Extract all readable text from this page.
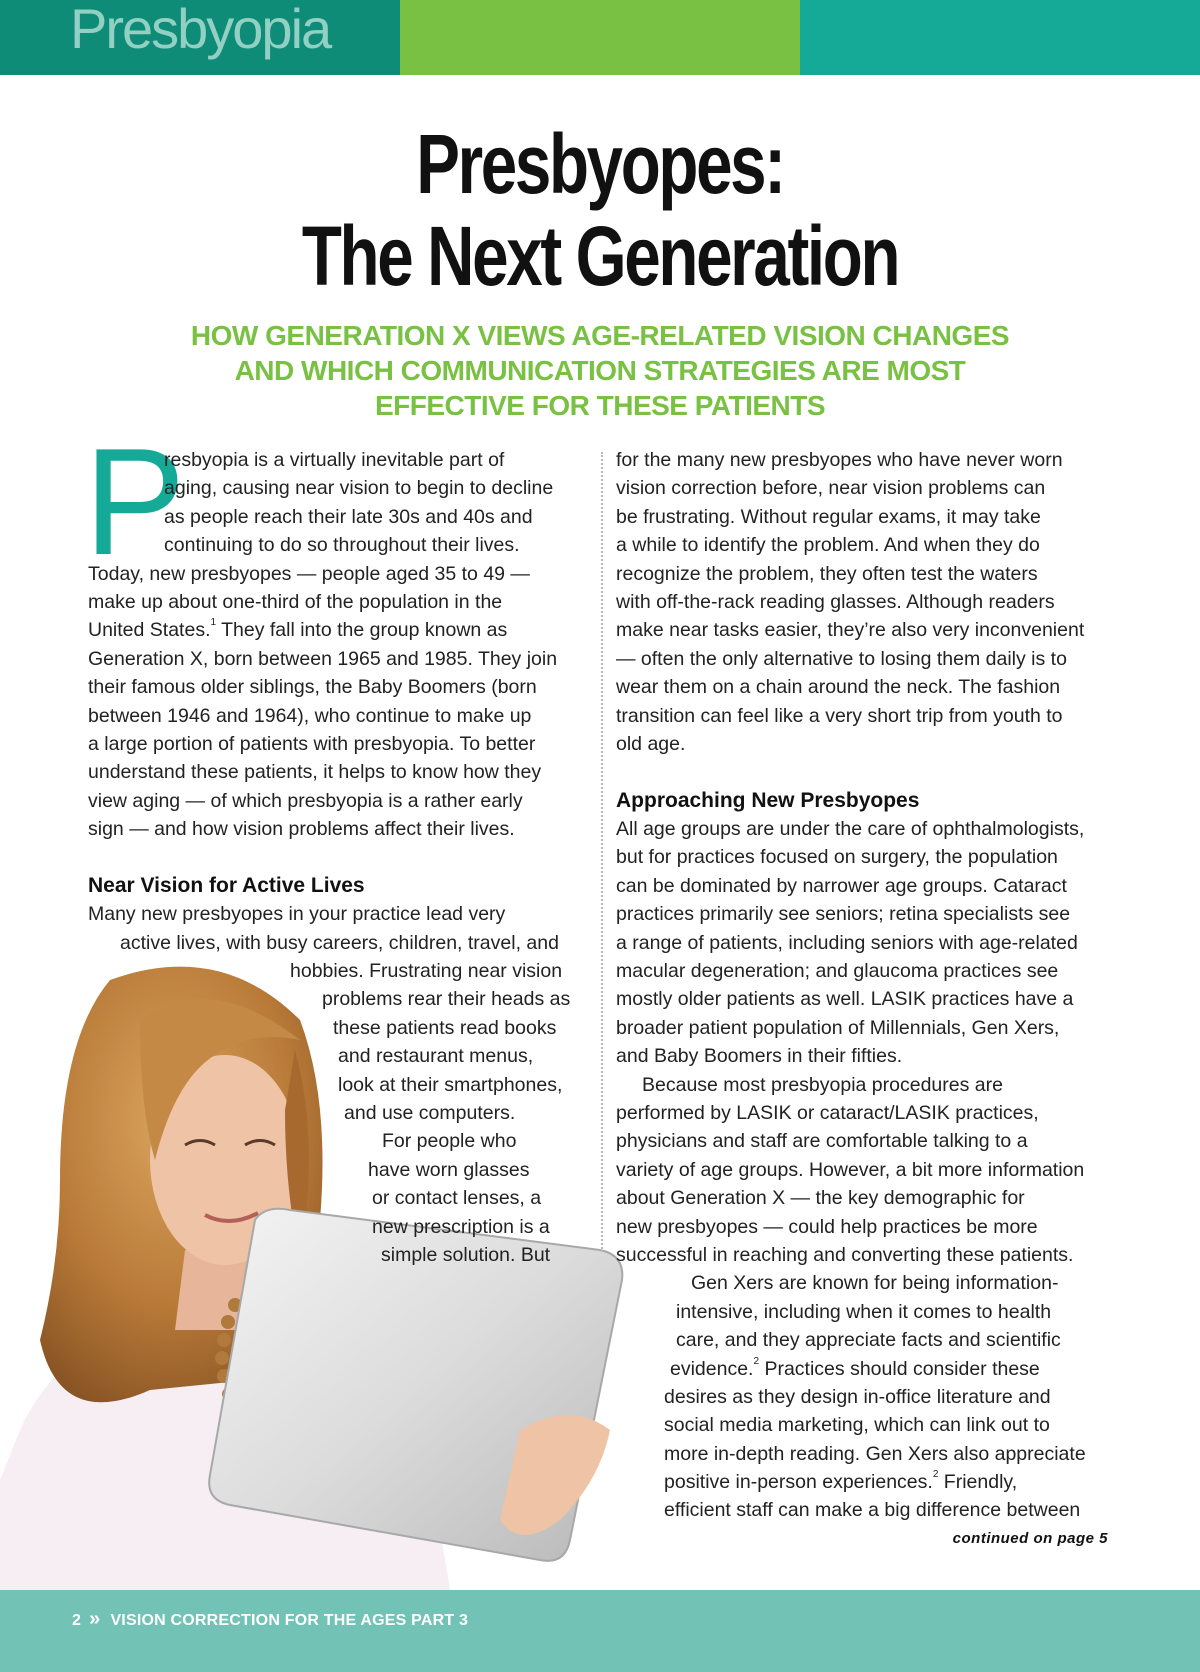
Presbyopia
Presbyopes:
The Next Generation
HOW GENERATION X VIEWS AGE-RELATED VISION CHANGES
AND WHICH COMMUNICATION STRATEGIES ARE MOST
EFFECTIVE FOR THESE PATIENTS
P
resbyopia is a virtually inevitable part of
aging, causing near vision to begin to decline
as people reach their late 30s and 40s and
continuing to do so throughout their lives.
Today, new presbyopes — people aged 35 to 49 —
make up about one-third of the population in the
United States.$^1$ They fall into the group known as
Generation X, born between 1965 and 1985. They join
their famous older siblings, the Baby Boomers (born
between 1946 and 1964), who continue to make up
a large portion of patients with presbyopia. To better
understand these patients, it helps to know how they
view aging — of which presbyopia is a rather early
sign — and how vision problems affect their lives.
Near Vision for Active Lives
Many new presbyopes in your practice lead very
active lives, with busy careers, children, travel, and
hobbies. Frustrating near vision
problems rear their heads as
these patients read books
and restaurant menus,
look at their smartphones,
and use computers.
For people who
have worn glasses
or contact lenses, a
new prescription is a
simple solution. But
for the many new presbyopes who have never worn
vision correction before, near vision problems can
be frustrating. Without regular exams, it may take
a while to identify the problem. And when they do
recognize the problem, they often test the waters
with off-the-rack reading glasses. Although readers
make near tasks easier, they’re also very inconvenient
— often the only alternative to losing them daily is to
wear them on a chain around the neck. The fashion
transition can feel like a very short trip from youth to
old age.
Approaching New Presbyopes
All age groups are under the care of ophthalmologists,
but for practices focused on surgery, the population
can be dominated by narrower age groups. Cataract
practices primarily see seniors; retina specialists see
a range of patients, including seniors with age-related
macular degeneration; and glaucoma practices see
mostly older patients as well. LASIK practices have a
broader patient population of Millennials, Gen Xers,
and Baby Boomers in their fifties.
Because most presbyopia procedures are
performed by LASIK or cataract/LASIK practices,
physicians and staff are comfortable talking to a
variety of age groups. However, a bit more information
about Generation X — the key demographic for
new presbyopes — could help practices be more
successful in reaching and converting these patients.
Gen Xers are known for being information-
intensive, including when it comes to health
care, and they appreciate facts and scientific
evidence.$^2$ Practices should consider these
desires as they design in-office literature and
social media marketing, which can link out to
more in-depth reading. Gen Xers also appreciate
positive in-person experiences.$^2$ Friendly,
efficient staff can make a big difference between
continued on page 5
2 » VISION CORRECTION FOR THE AGES PART 3
